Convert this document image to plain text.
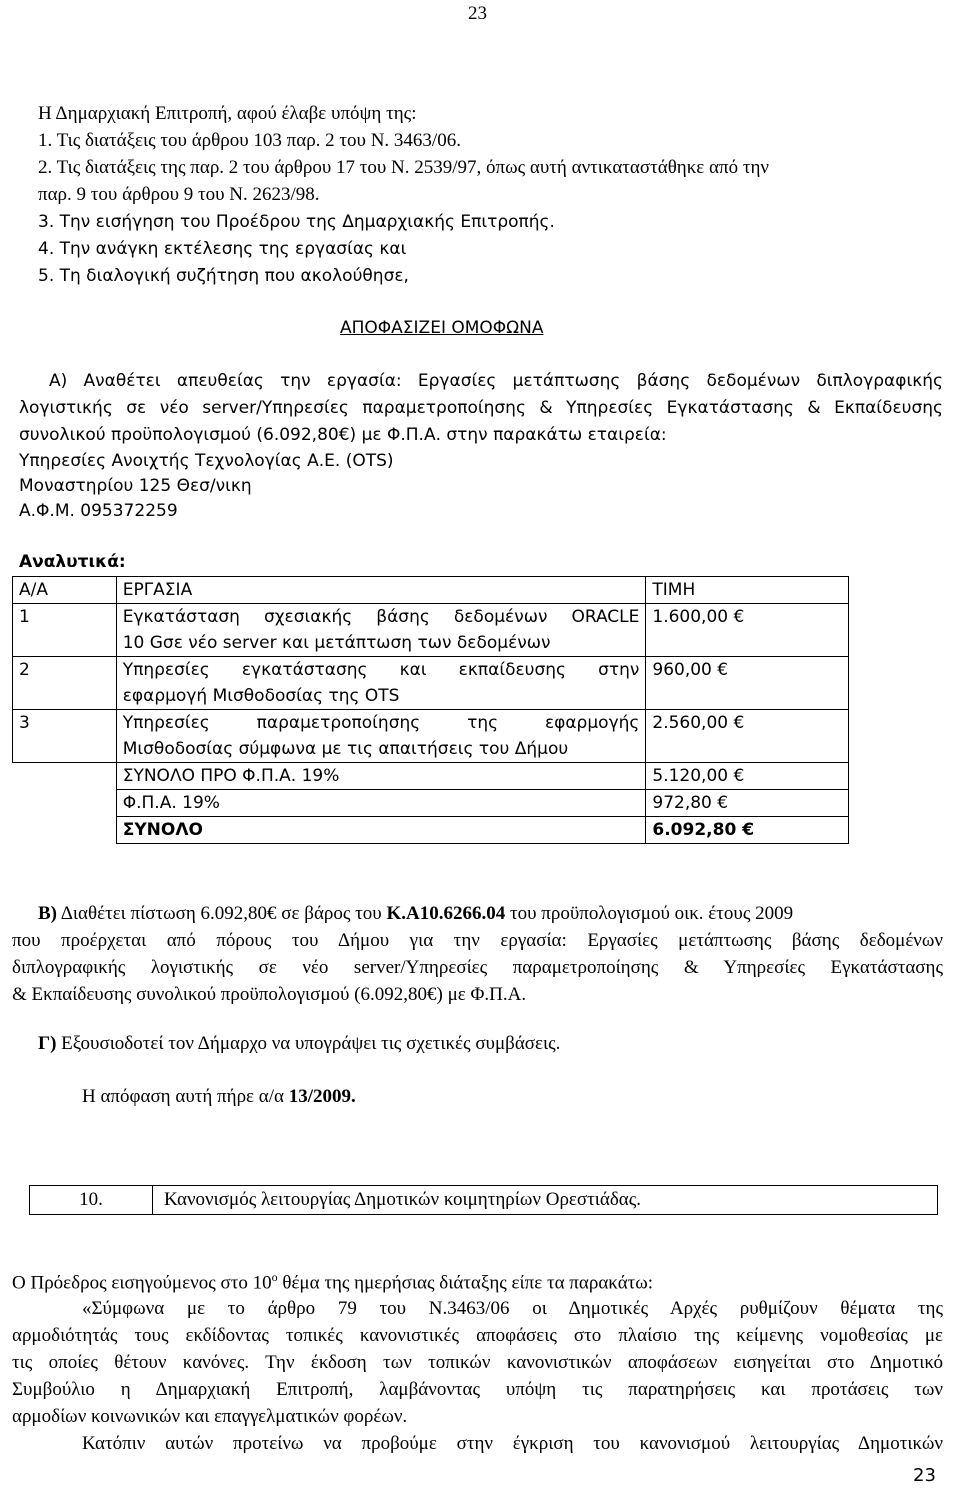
23
Η Δημαρχιακή Επιτροπή, αφού έλαβε υπόψη της:
1. Τις διατάξεις του άρθρου 103 παρ. 2 του Ν. 3463/06.
2. Τις διατάξεις της παρ. 2 του άρθρου 17 του Ν. 2539/97, όπως αυτή αντικαταστάθηκε από την
παρ. 9 του άρθρου 9 του Ν. 2623/98.
3. Την εισήγηση του Προέδρου της Δημαρχιακής Επιτροπής.
4. Την ανάγκη εκτέλεσης της εργασίας και
5. Τη διαλογική συζήτηση που ακολούθησε,
ΑΠΟΦΑΣΙΖΕΙ ΟΜΟΦΩΝΑ
Α) Αναθέτει απευθείας την εργασία: Εργασίες μετάπτωσης βάσης δεδομένων διπλογραφικής
λογιστικής σε νέο server/Υπηρεσίες παραμετροποίησης & Υπηρεσίες Εγκατάστασης & Εκπαίδευσης
συνολικού προϋπολογισμού (6.092,80€) με Φ.Π.Α. στην παρακάτω εταιρεία:
Υπηρεσίες Ανοιχτής Τεχνολογίας Α.Ε. (OTS)
Μοναστηρίου 125 Θεσ/νικη
Α.Φ.Μ. 095372259
Αναλυτικά:
Α/Α	ΕΡΓΑΣΙΑ	ΤΙΜΗ
1	Εγκατάσταση σχεσιακής βάσης δεδομένων ORACLE
10 Gσε νέο server και μετάπτωση των δεδομένων	1.600,00 €
2	Υπηρεσίες εγκατάστασης και εκπαίδευσης στην
εφαρμογή Μισθοδοσίας της OTS	960,00 €
3	Υπηρεσίες παραμετροποίησης της εφαρμογής
Μισθοδοσίας σύμφωνα με τις απαιτήσεις του Δήμου	2.560,00 €
	ΣΥΝΟΛΟ ΠΡΟ Φ.Π.Α. 19%	5.120,00 €
	Φ.Π.Α. 19%	972,80 €
	ΣΥΝΟΛΟ	6.092,80 €
Β) Διαθέτει πίστωση 6.092,80€ σε βάρος του Κ.Α10.6266.04 του προϋπολογισμού οικ. έτους 2009
που προέρχεται από πόρους του Δήμου για την εργασία: Εργασίες μετάπτωσης βάσης δεδομένων
διπλογραφικής λογιστικής σε νέο server/Υπηρεσίες παραμετροποίησης & Υπηρεσίες Εγκατάστασης
& Εκπαίδευσης συνολικού προϋπολογισμού (6.092,80€) με Φ.Π.Α.
Γ) Εξουσιοδοτεί τον Δήμαρχο να υπογράψει τις σχετικές συμβάσεις.
Η απόφαση αυτή πήρε α/α 13/2009.
10.	Κανονισμός λειτουργίας Δημοτικών κοιμητηρίων Ορεστιάδας.
Ο Πρόεδρος εισηγούμενος στο $10^o$ θέμα της ημερήσιας διάταξης είπε τα παρακάτω:
«Σύμφωνα με το άρθρο 79 του Ν.3463/06 οι Δημοτικές Αρχές ρυθμίζουν θέματα της
αρμοδιότητάς τους εκδίδοντας τοπικές κανονιστικές αποφάσεις στο πλαίσιο της κείμενης νομοθεσίας με
τις οποίες θέτουν κανόνες. Την έκδοση των τοπικών κανονιστικών αποφάσεων εισηγείται στο Δημοτικό
Συμβούλιο η Δημαρχιακή Επιτροπή, λαμβάνοντας υπόψη τις παρατηρήσεις και προτάσεις των
αρμοδίων κοινωνικών και επαγγελματικών φορέων.
Κατόπιν αυτών προτείνω να προβούμε στην έγκριση του κανονισμού λειτουργίας Δημοτικών
23
